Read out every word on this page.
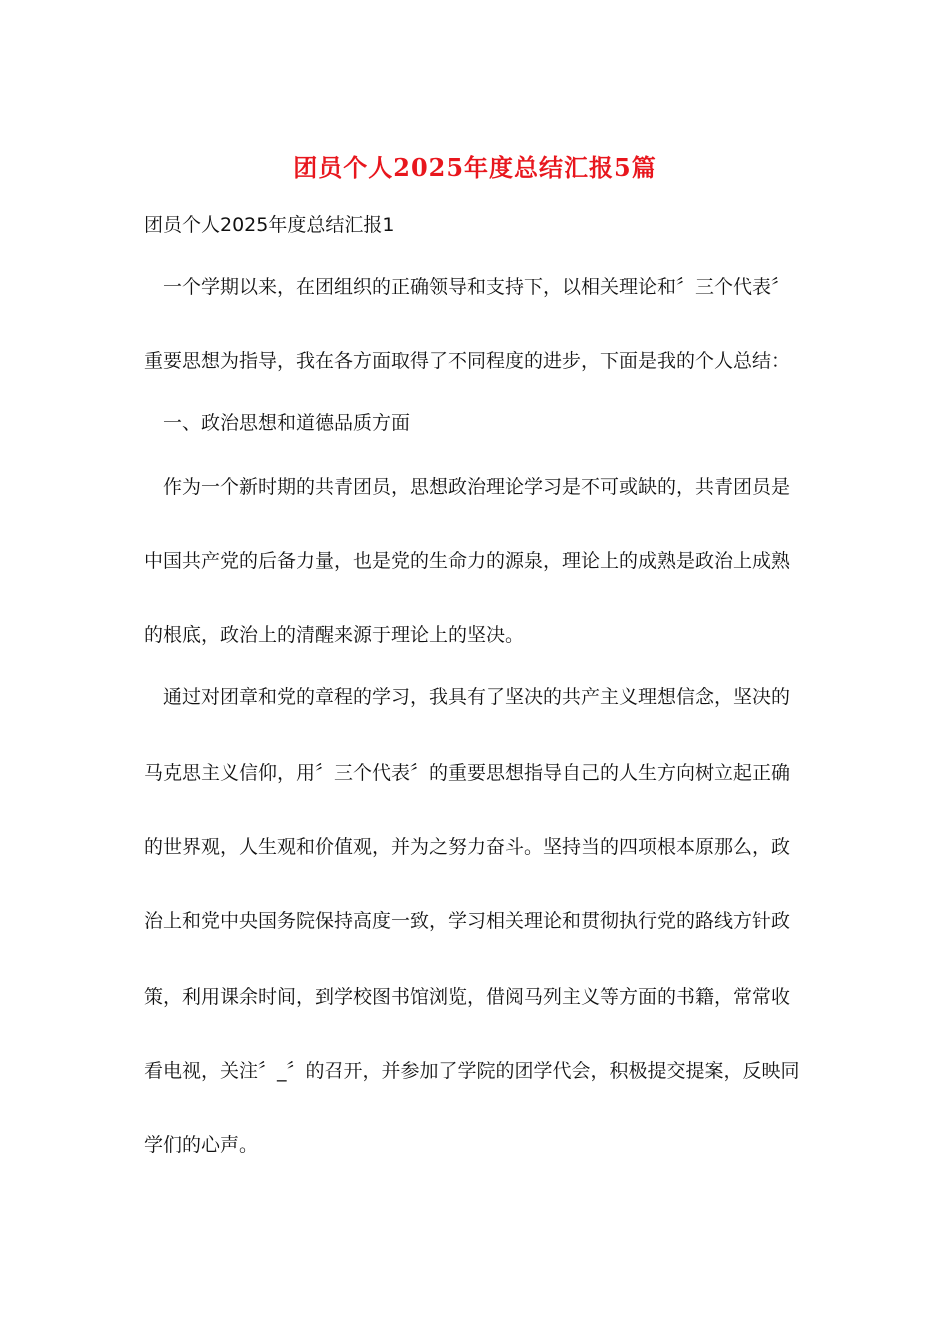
团员个人2025年度总结汇报5篇
团员个人2025年度总结汇报1
一个学期以来，在团组织的正确领导和支持下，以相关理论和〞三个代表〞
重要思想为指导，我在各方面取得了不同程度的进步，下面是我的个人总结：
一、政治思想和道德品质方面
作为一个新时期的共青团员，思想政治理论学习是不可或缺的，共青团员是
中国共产党的后备力量，也是党的生命力的源泉，理论上的成熟是政治上成熟
的根底，政治上的清醒来源于理论上的坚决。
通过对团章和党的章程的学习，我具有了坚决的共产主义理想信念，坚决的
马克思主义信仰，用〞三个代表〞的重要思想指导自己的人生方向树立起正确
的世界观，人生观和价值观，并为之努力奋斗。坚持当的四项根本原那么，政
治上和党中央国务院保持高度一致，学习相关理论和贯彻执行党的路线方针政
策，利用课余时间，到学校图书馆浏览，借阅马列主义等方面的书籍，常常收
看电视，关注〞_〞的召开，并参加了学院的团学代会，积极提交提案，反映同
学们的心声。
